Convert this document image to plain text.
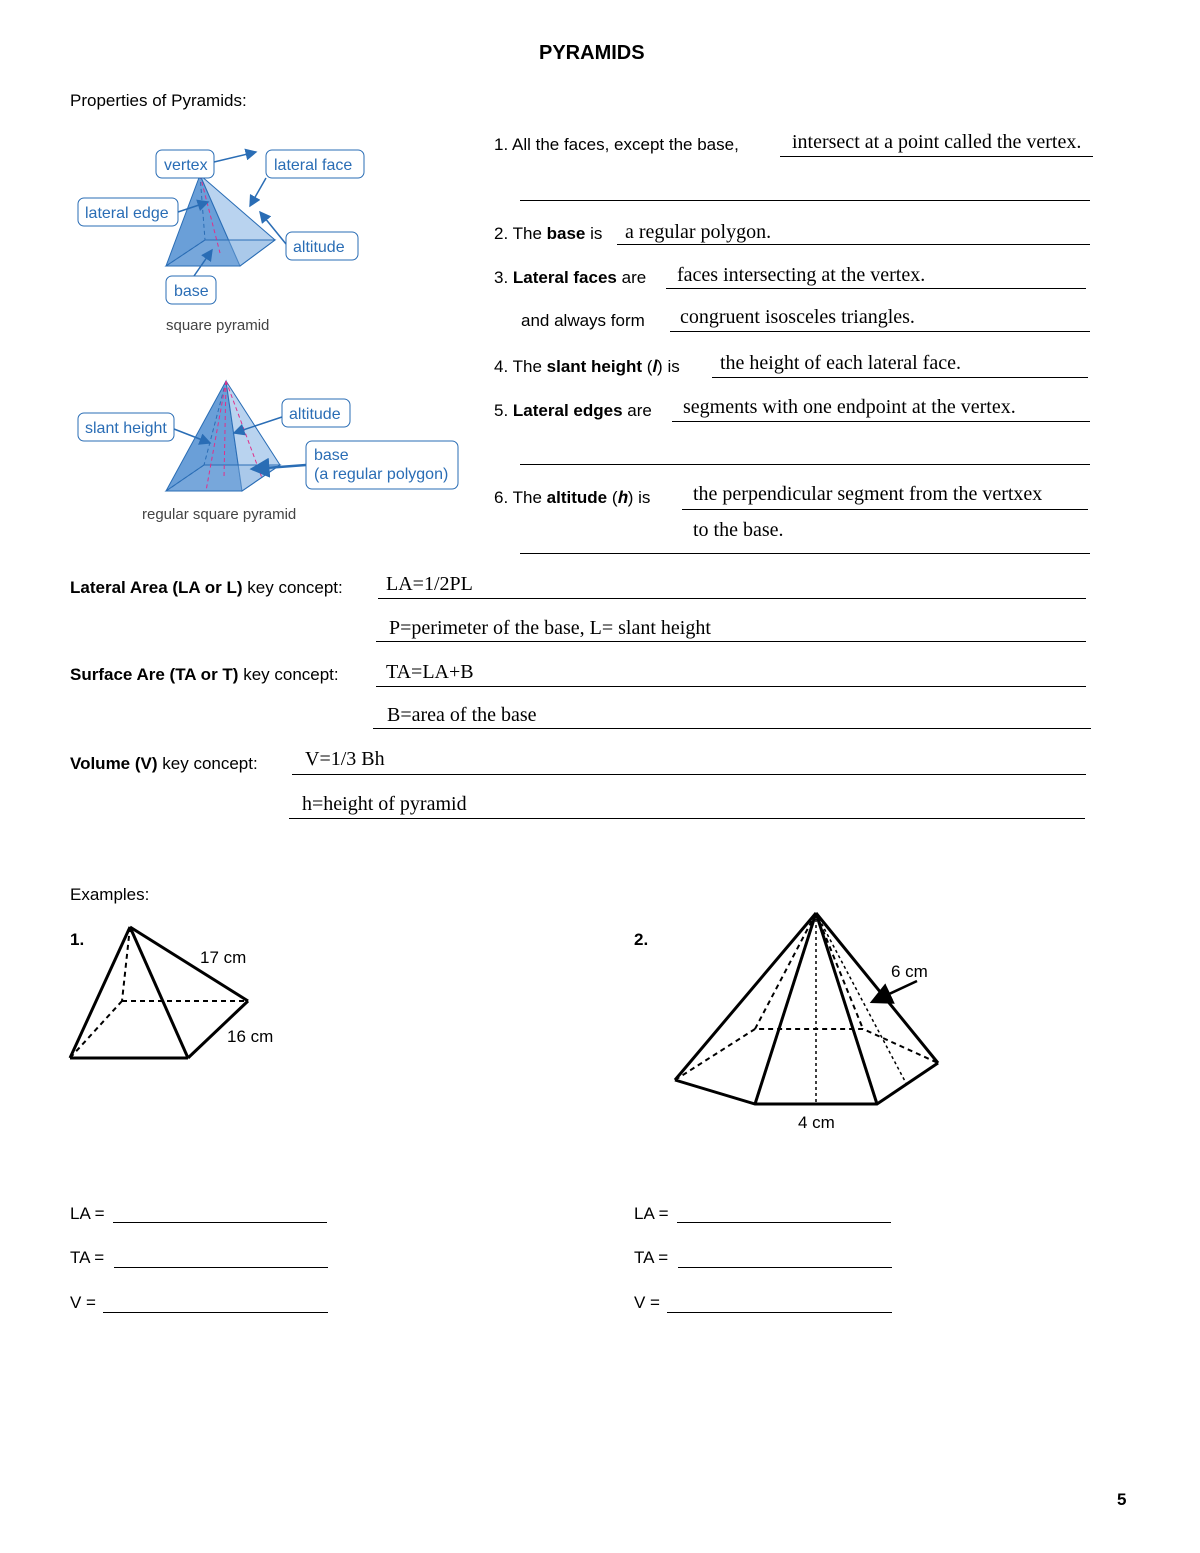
PYRAMIDS
Properties of Pyramids:
vertex	lateral face
lateral edge
altitude
base
square pyramid
slant height
altitude
base
(a regular polygon)
regular square pyramid
1. All the faces, except the base,	intersect at a point called the vertex.
2. The base is a regular polygon.
3. Lateral faces are faces intersecting at the vertex.
and always form congruent isosceles triangles.
4. The slant height (𝒍) is the height of each lateral face.
5. Lateral edges are segments with one endpoint at the vertex.
6. The altitude (𝒉) is the perpendicular segment from the vertxex
to the base.
Lateral Area (LA or L) key concept: LA=1/2PL
P=perimeter of the base, L= slant height
Surface Are (TA or T) key concept: TA=LA+B
B=area of the base
Volume (V) key concept: V=1/3 Bh
h=height of pyramid
Examples:
1.
17 cm
16 cm
2.
6 cm
4 cm
LA =
TA =
V =
LA =
TA =
V =
5
